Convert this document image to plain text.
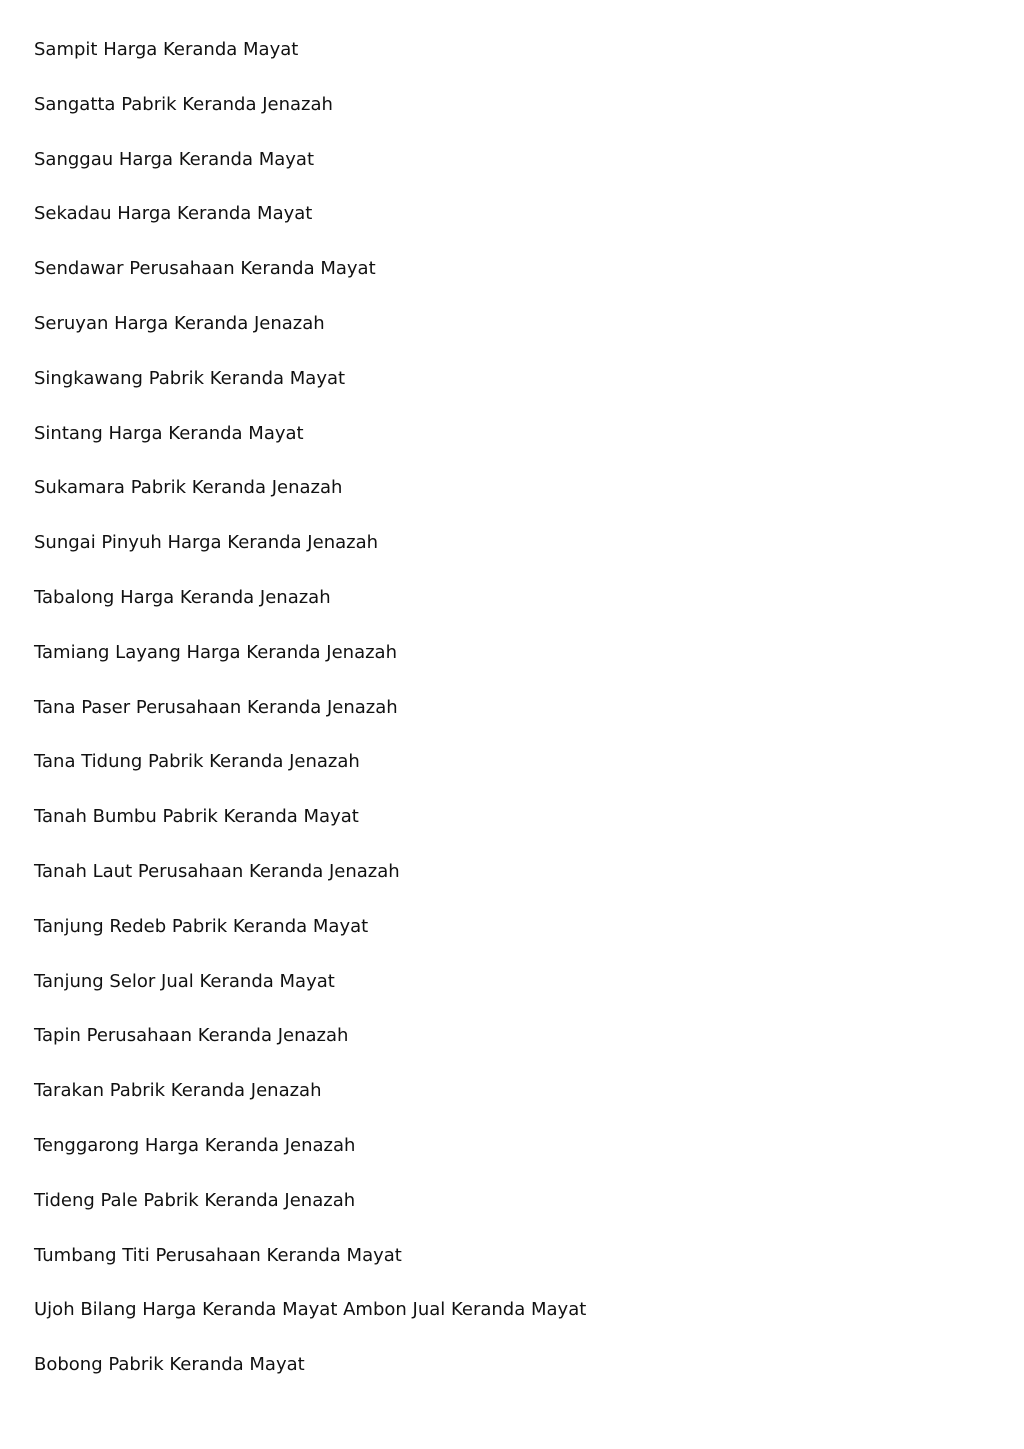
Sampit Harga Keranda Mayat
Sangatta Pabrik Keranda Jenazah
Sanggau Harga Keranda Mayat
Sekadau Harga Keranda Mayat
Sendawar Perusahaan Keranda Mayat
Seruyan Harga Keranda Jenazah
Singkawang Pabrik Keranda Mayat
Sintang Harga Keranda Mayat
Sukamara Pabrik Keranda Jenazah
Sungai Pinyuh Harga Keranda Jenazah
Tabalong Harga Keranda Jenazah
Tamiang Layang Harga Keranda Jenazah
Tana Paser Perusahaan Keranda Jenazah
Tana Tidung Pabrik Keranda Jenazah
Tanah Bumbu Pabrik Keranda Mayat
Tanah Laut Perusahaan Keranda Jenazah
Tanjung Redeb Pabrik Keranda Mayat
Tanjung Selor Jual Keranda Mayat
Tapin Perusahaan Keranda Jenazah
Tarakan Pabrik Keranda Jenazah
Tenggarong Harga Keranda Jenazah
Tideng Pale Pabrik Keranda Jenazah
Tumbang Titi Perusahaan Keranda Mayat
Ujoh Bilang Harga Keranda Mayat Ambon Jual Keranda Mayat
Bobong Pabrik Keranda Mayat
